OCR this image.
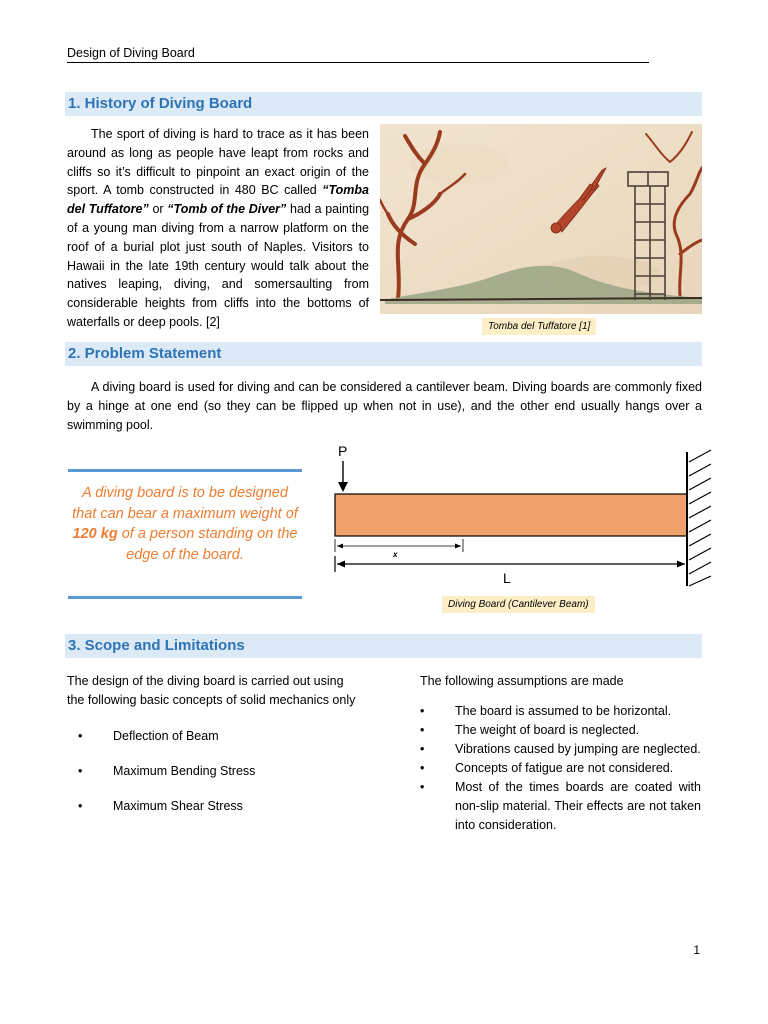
Design of Diving Board
1. History of Diving Board
The sport of diving is hard to trace as it has been around as long as people have leapt from rocks and cliffs so it’s difficult to pinpoint an exact origin of the sport. A tomb constructed in 480 BC called “Tomba del Tuffatore” or “Tomb of the Diver” had a painting of a young man diving from a narrow platform on the roof of a burial plot just south of Naples. Visitors to Hawaii in the late 19th century would talk about the natives leaping, diving, and somersaulting from considerable heights from cliffs into the bottoms of waterfalls or deep pools. [2]	Tomba del Tuffatore [1]
2. Problem Statement
A diving board is used for diving and can be considered a cantilever beam. Diving boards are commonly fixed by a hinge at one end (so they can be flipped up when not in use), and the other end usually hangs over a swimming pool.
A diving board is to be designed that can bear a maximum weight of 120 kg of a person standing on the edge of the board.
P
x
L
Diving Board (Cantilever Beam)
3. Scope and Limitations
The design of the diving board is carried out using the following basic concepts of solid mechanics only
• Deflection of Beam
• Maximum Bending Stress
• Maximum Shear Stress
The following assumptions are made
• The board is assumed to be horizontal.
• The weight of board is neglected.
• Vibrations caused by jumping are neglected.
• Concepts of fatigue are not considered.
• Most of the times boards are coated with non-slip material. Their effects are not taken into consideration.
1
